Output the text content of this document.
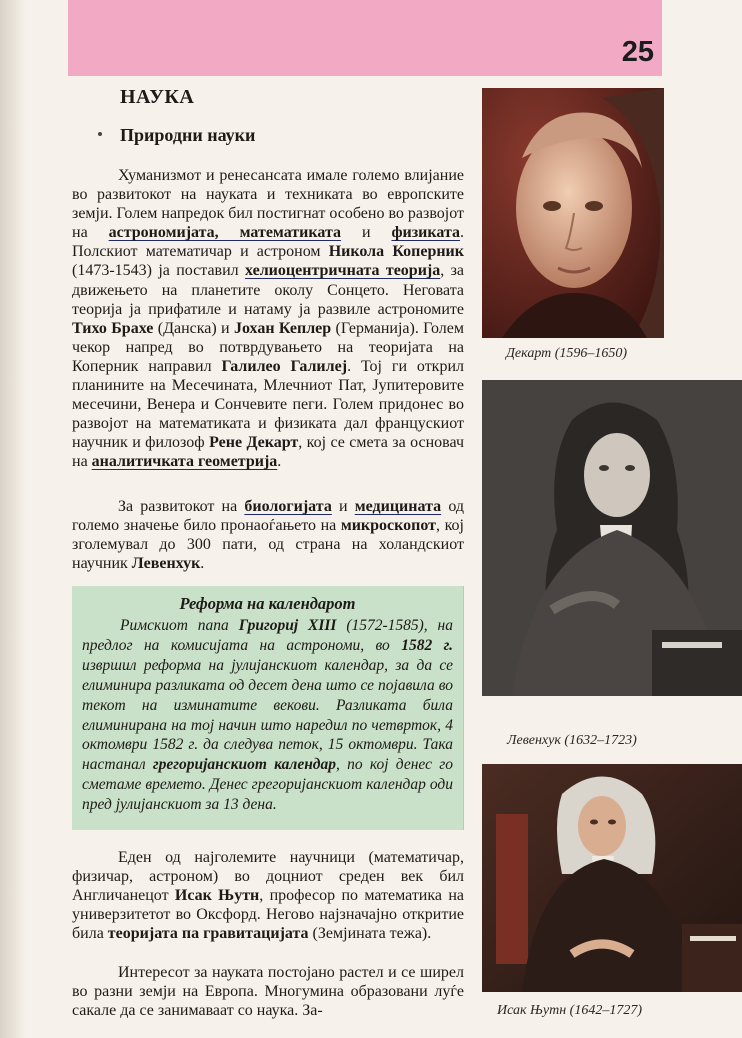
25
НАУКА
Природни науки

Хуманизмот и ренесансата имале големо влијание во развитокот на науката и техниката во европските земји. Голем напредок бил постигнат особено во развојот на астрономијата, математиката и физиката. Полскиот математичар и астроном Никола Коперник (1473-1543) ја поставил хелиоцентричната теорија, за движењето на планетите околу Сонцето. Неговата теорија ја прифатиле и натаму ја развиле астрономите Тихо Брахе (Данска) и Јохан Кеплер (Германија). Голем чекор напред во потврдувањето на теоријата на Коперник направил Галилео Галилеј. Тој ги открил планините на Месечината, Млечниот Пат, Јупитеровите месечини, Венера и Сончевите пеги. Голем придонес во развојот на математиката и физиката дал францускиот научник и филозоф Рене Декарт, кој се смета за основач на аналитичката геометрија.

За развитокот на биологијата и медицината од големо значење било пронаоѓањето на микроскопот, кој зголемувал до 300 пати, од страна на холандскиот научник Левенхук.

Реформа на календарот

Римскиот папа Григориј XIII (1572-1585), на предлог на комисијата на астрономи, во 1582 г. извршил реформа на јулијанскиот календар, за да се елиминира разликата од десет дена што се појавила во текот на изминатите векови. Разликата била елиминирана на тој начин што наредил по четврток, 4 октомври 1582 г. да следува петок, 15 октомври. Така настанал грегоријанскиот календар, по кој денес го сметаме времето. Денес грегоријанскиот календар оди пред јулијанскиот за 13 дена.

Еден од најголемите научници (математичар, физичар, астроном) во доцниот среден век бил Англичанецот Исак Њутн, професор по математика на универзитетот во Оксфорд. Негово најзначајно откритие била теоријата па гравитацијата (Земјината тежа).

Интересот за науката постојано растел и се ширел во разни земји на Европа. Многумина образовани луѓе сакале да се занимаваат со наука. За-

Декарт (1596–1650)

Левенхук (1632–1723)

Исак Њутн (1642–1727)
